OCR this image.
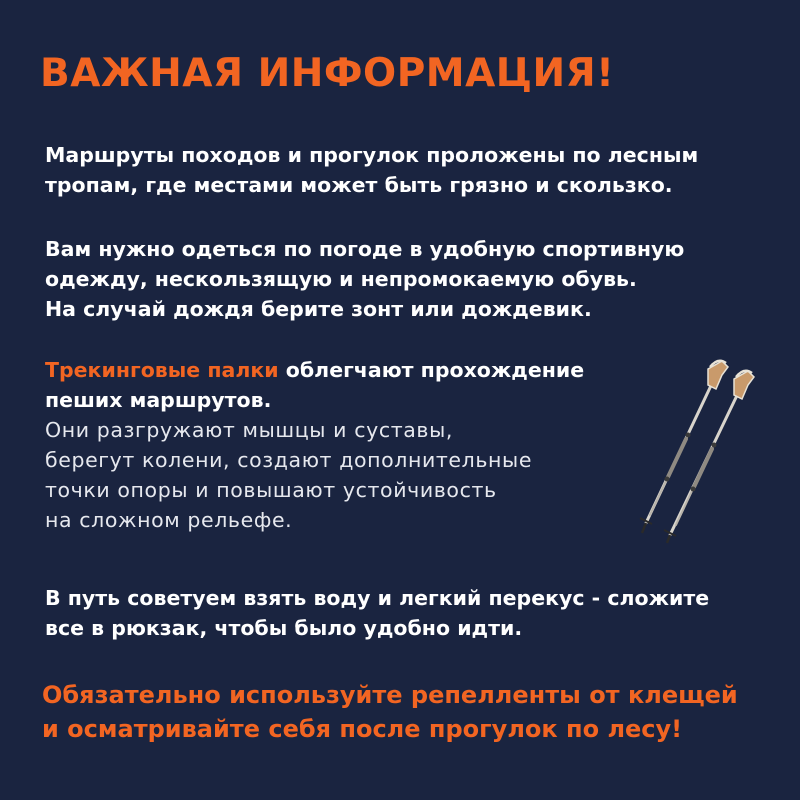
ВАЖНАЯ ИНФОРМАЦИЯ!

Маршруты походов и прогулок проложены по лесным
тропам, где местами может быть грязно и скользко.

Вам нужно одеться по погоде в удобную спортивную
одежду, нескользящую и непромокаемую обувь.
На случай дождя берите зонт или дождевик.

Трекинговые палки облегчают прохождение
пеших маршрутов.
Они разгружают мышцы и суставы,
берегут колени, создают дополнительные
точки опоры и повышают устойчивость
на сложном рельефе.

В путь советуем взять воду и легкий перекус - сложите
все в рюкзак, чтобы было удобно идти.

Обязательно используйте репелленты от клещей
и осматривайте себя после прогулок по лесу!
